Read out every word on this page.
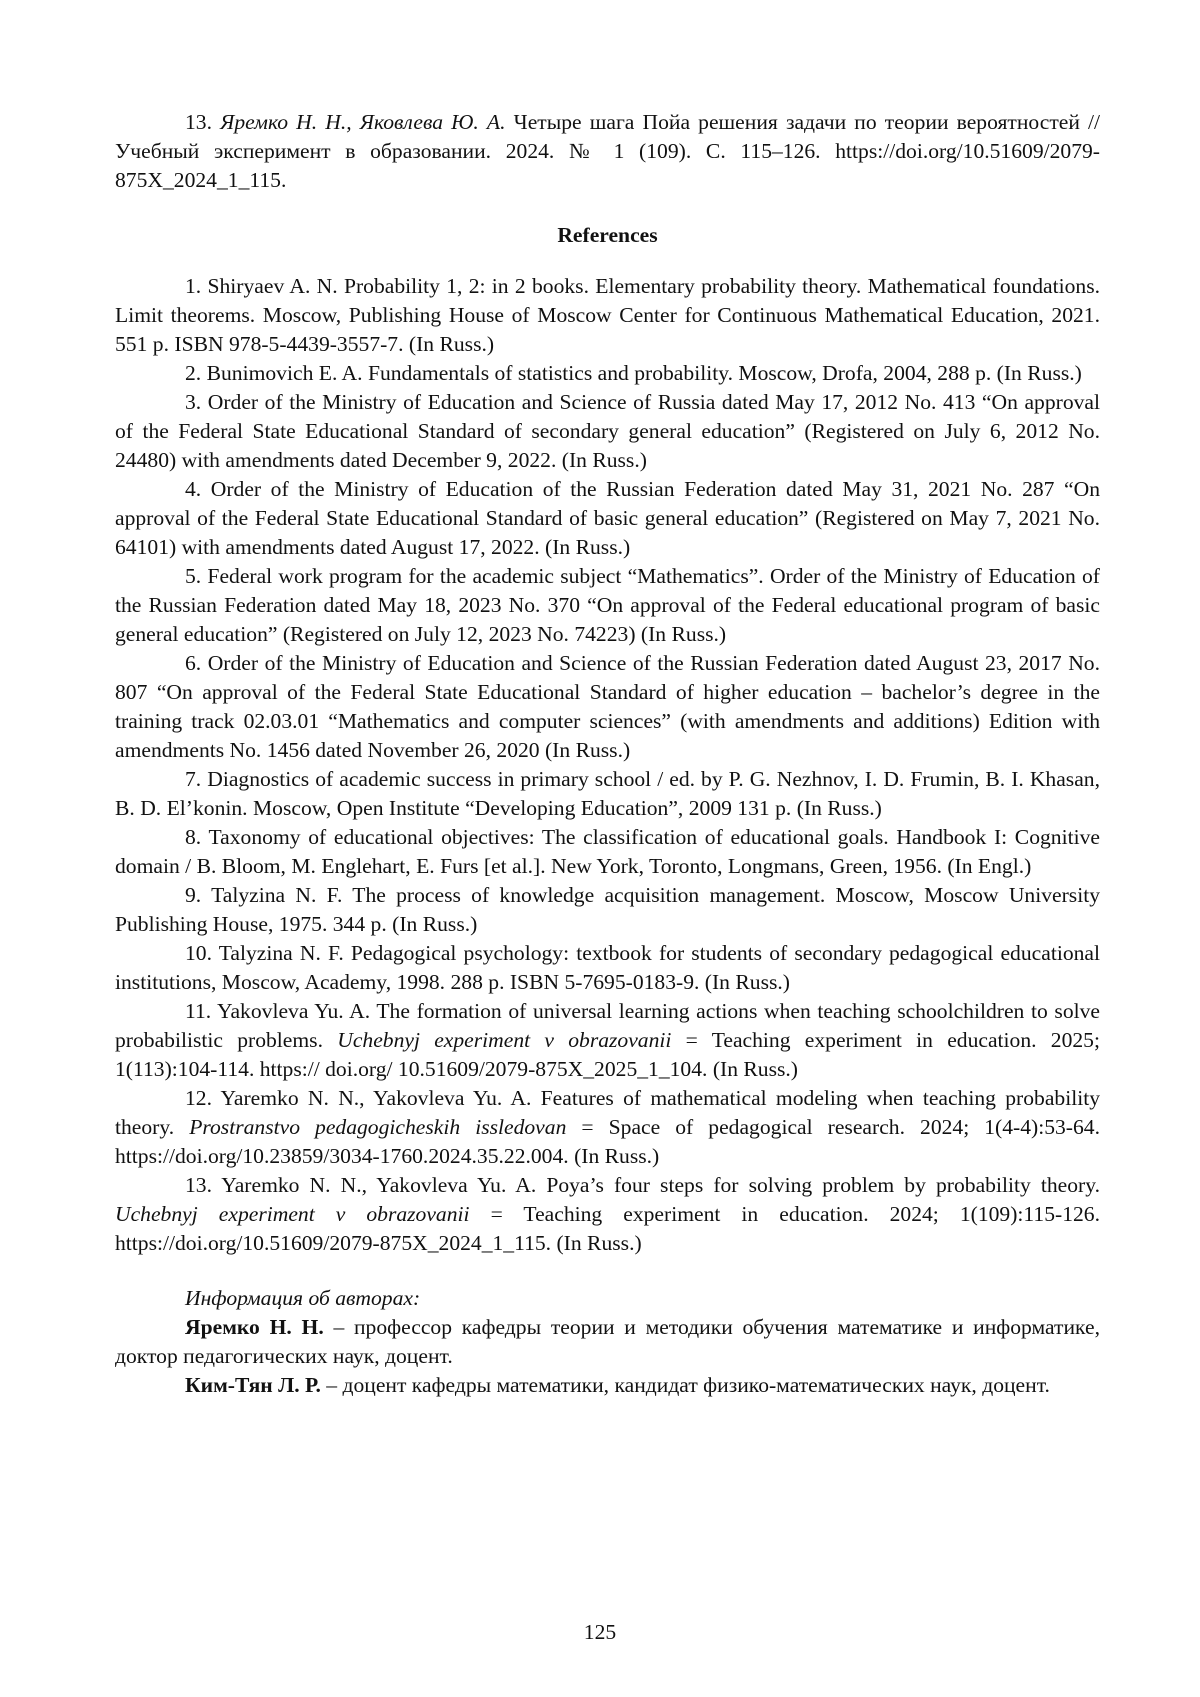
13. Яремко Н. Н., Яковлева Ю. А. Четыре шага Пойа решения задачи по теории вероятностей // Учебный эксперимент в образовании. 2024. № 1 (109). С. 115–126. https://doi.org/10.51609/2079-875X_2024_1_115.

References

1. Shiryaev A. N. Probability 1, 2: in 2 books. Elementary probability theory. Mathematical foundations. Limit theorems. Moscow, Publishing House of Moscow Center for Continuous Mathematical Education, 2021. 551 p. ISBN 978-5-4439-3557-7. (In Russ.)

2. Bunimovich E. A. Fundamentals of statistics and probability. Moscow, Drofa, 2004, 288 p. (In Russ.)

3. Order of the Ministry of Education and Science of Russia dated May 17, 2012 No. 413 “On approval of the Federal State Educational Standard of secondary general education” (Registered on July 6, 2012 No. 24480) with amendments dated December 9, 2022. (In Russ.)

4. Order of the Ministry of Education of the Russian Federation dated May 31, 2021 No. 287 “On approval of the Federal State Educational Standard of basic general education” (Registered on May 7, 2021 No. 64101) with amendments dated August 17, 2022. (In Russ.)

5. Federal work program for the academic subject “Mathematics”. Order of the Ministry of Education of the Russian Federation dated May 18, 2023 No. 370 “On approval of the Federal educational program of basic general education” (Registered on July 12, 2023 No. 74223) (In Russ.)

6. Order of the Ministry of Education and Science of the Russian Federation dated August 23, 2017 No. 807 “On approval of the Federal State Educational Standard of higher education – bachelor’s degree in the training track 02.03.01 “Mathematics and computer sciences” (with amendments and additions) Edition with amendments No. 1456 dated November 26, 2020 (In Russ.)

7. Diagnostics of academic success in primary school / ed. by P. G. Nezhnov, I. D. Frumin, B. I. Khasan, B. D. El’konin. Moscow, Open Institute “Developing Education”, 2009 131 p. (In Russ.)

8. Taxonomy of educational objectives: The classification of educational goals. Handbook I: Cognitive domain / B. Bloom, M. Englehart, E. Furs [et al.]. New York, Toronto, Longmans, Green, 1956. (In Engl.)

9. Talyzina N. F. The process of knowledge acquisition management. Moscow, Moscow University Publishing House, 1975. 344 p. (In Russ.)

10. Talyzina N. F. Pedagogical psychology: textbook for students of secondary pedagogical educational institutions, Moscow, Academy, 1998. 288 p. ISBN 5-7695-0183-9. (In Russ.)

11. Yakovleva Yu. A. The formation of universal learning actions when teaching schoolchildren to solve probabilistic problems. Uchebnyj experiment v obrazovanii = Teaching experiment in education. 2025; 1(113):104-114. https:// doi.org/ 10.51609/2079-875X_2025_1_104. (In Russ.)

12. Yaremko N. N., Yakovleva Yu. A. Features of mathematical modeling when teaching probability theory. Prostranstvo pedagogicheskih issledovan = Space of pedagogical research. 2024; 1(4-4):53-64. https://doi.org/10.23859/3034-1760.2024.35.22.004. (In Russ.)

13. Yaremko N. N., Yakovleva Yu. A. Poya’s four steps for solving problem by probability theory. Uchebnyj experiment v obrazovanii = Teaching experiment in education. 2024; 1(109):115-126. https://doi.org/10.51609/2079-875X_2024_1_115. (In Russ.)

Информация об авторах:

Яремко Н. Н. – профессор кафедры теории и методики обучения математике и информатике, доктор педагогических наук, доцент.

Ким-Тян Л. Р. – доцент кафедры математики, кандидат физико-математических наук, доцент.

125
